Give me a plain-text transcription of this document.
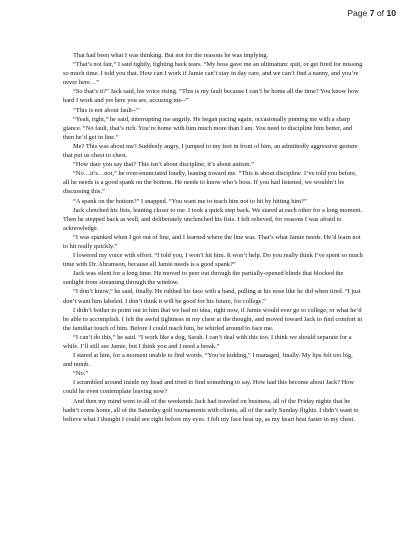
Page 7 of 10

That had been what I was thinking. But not for the reasons he was implying.

“That’s not fair,” I said tightly, fighting back tears. “My boss gave me an ultimatum: quit, or get fired for missing so much time. I told you that. How can I work if Jamie can’t stay in day care, and we can’t find a nanny, and you’re never here…”

“So that’s it?” Jack said, his voice rising. “This is my fault because I can’t be home all the time? You know how hard I work and yet here you are, accusing me--”

“This is not about fault--”

“Yeah, right,” he said, interrupting me angrily. He began pacing again, occasionally pinning me with a sharp glance. “No fault, that’s rich. You’re home with him much more than I am. You need to discipline him better, and then he’d get in line.”

Me? This was about me? Suddenly angry, I jumped to my feet in front of him, an admittedly aggressive gesture that put us chest to chest.

“How dare you say that? This isn’t about discipline, it’s about autism.”

“No…it’s…not,” he over-enunciated loudly, leaning toward me. “This is about discipline. I’ve told you before, all he needs is a good spank on the bottom. He needs to know who’s boss. If you had listened, we wouldn’t be discussing this.”

“A spank on the bottom?” I snapped. “You want me to teach him not to hit by hitting him?”

Jack clenched his fists, leaning closer to me. I took a quick step back. We stared at each other for a long moment. Then he stepped back as well, and deliberately unclenched his fists. I felt relieved, for reasons I was afraid to acknowledge.

“I was spanked when I got out of line, and I learned where the line was. That’s what Jamie needs. He’d learn not to hit really quickly.”

I lowered my voice with effort. “I told you, I won’t hit him. It won’t help. Do you really think I’ve spent so much time with Dr. Abramson, because all Jamie needs is a good spank?”

Jack was silent for a long time. He moved to peer out through the partially-opened blinds that blocked the sunlight from streaming through the window.

“I don’t know,” he said, finally. He rubbed his face with a hand, pulling at his nose like he did when tired. “I just don’t want him labeled. I don’t think it will be good for his future, for college.”

I didn’t bother to point out to him that we had no idea, right now, if Jamie would ever go to college, or what he’d be able to accomplish. I felt the awful tightness in my chest at the thought, and moved toward Jack to find comfort in the familiar touch of him. Before I could reach him, he whirled around to face me.

“I can’t do this,” he said. “I work like a dog, Sarah. I can’t deal with this too. I think we should separate for a while. I’ll still see Jamie, but I think you and I need a break.”

I stared at him, for a moment unable to find words. “You’re kidding,” I managed, finally. My lips felt too big, and numb.

“No.”

I scrambled around inside my head and tried to find something to say. How had this become about Jack? How could he even contemplate leaving now?

And then my mind went to all of the weekends Jack had traveled on business, all of the Friday nights that he hadn’t come home, all of the Saturday golf tournaments with clients, all of the early Sunday flights. I didn’t want to believe what I thought I could see right before my eyes. I felt my face heat up, as my heart beat faster in my chest.
